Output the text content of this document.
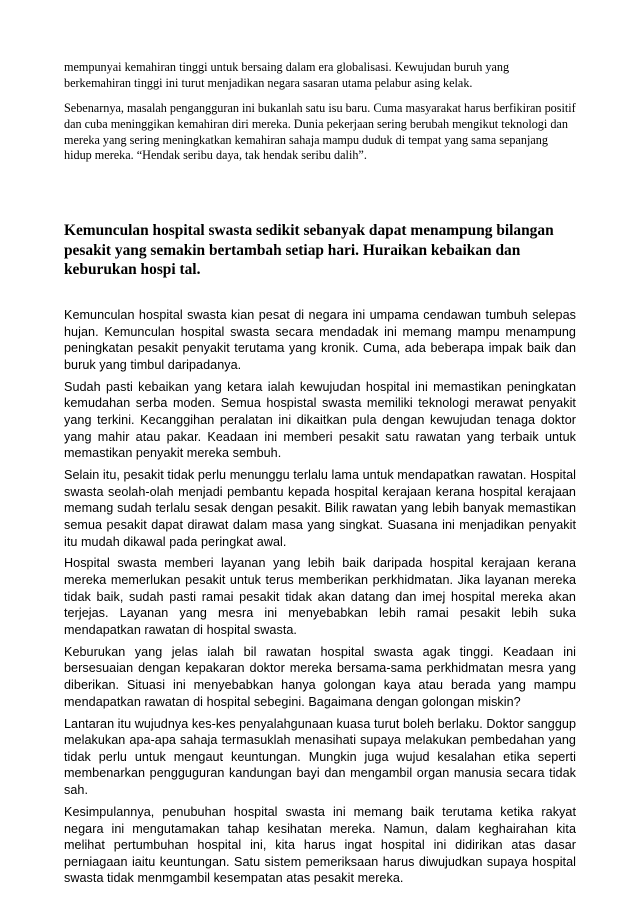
mempunyai kemahiran tinggi untuk bersaing dalam era globalisasi. Kewujudan buruh yang berkemahiran tinggi ini turut menjadikan negara sasaran utama pelabur asing kelak.

Sebenarnya, masalah pengangguran ini bukanlah satu isu baru. Cuma masyarakat harus berfikiran positif dan cuba meninggikan kemahiran diri mereka. Dunia pekerjaan sering berubah mengikut teknologi dan mereka yang sering meningkatkan kemahiran sahaja mampu duduk di tempat yang sama sepanjang hidup mereka. “Hendak seribu daya, tak hendak seribu dalih”.

Kemunculan hospital swasta sedikit sebanyak dapat menampung bilangan pesakit yang semakin bertambah setiap hari. Huraikan kebaikan dan keburukan hospi tal.

Kemunculan hospital swasta kian pesat di negara ini umpama cendawan tumbuh selepas hujan. Kemunculan hospital swasta secara mendadak ini memang mampu menampung peningkatan pesakit penyakit terutama yang kronik. Cuma, ada beberapa impak baik dan buruk yang timbul daripadanya.

Sudah pasti kebaikan yang ketara ialah kewujudan hospital ini memastikan peningkatan kemudahan serba moden. Semua hospistal swasta memiliki teknologi merawat penyakit yang terkini. Kecanggihan peralatan ini dikaitkan pula dengan kewujudan tenaga doktor yang mahir atau pakar. Keadaan ini memberi pesakit satu rawatan yang terbaik untuk memastikan penyakit mereka sembuh.

Selain itu, pesakit tidak perlu menunggu terlalu lama untuk mendapatkan rawatan. Hospital swasta seolah-olah menjadi pembantu kepada hospital kerajaan kerana hospital kerajaan memang sudah terlalu sesak dengan pesakit. Bilik rawatan yang lebih banyak memastikan semua pesakit dapat dirawat dalam masa yang singkat. Suasana ini menjadikan penyakit itu mudah dikawal pada peringkat awal.

Hospital swasta memberi layanan yang lebih baik daripada hospital kerajaan kerana mereka memerlukan pesakit untuk terus memberikan perkhidmatan. Jika layanan mereka tidak baik, sudah pasti ramai pesakit tidak akan datang dan imej hospital mereka akan terjejas. Layanan yang mesra ini menyebabkan lebih ramai pesakit lebih suka mendapatkan rawatan di hospital swasta.

Keburukan yang jelas ialah bil rawatan hospital swasta agak tinggi. Keadaan ini bersesuaian dengan kepakaran doktor mereka bersama-sama perkhidmatan mesra yang diberikan. Situasi ini menyebabkan hanya golongan kaya atau berada yang mampu mendapatkan rawatan di hospital sebegini. Bagaimana dengan golongan miskin?

Lantaran itu wujudnya kes-kes penyalahgunaan kuasa turut boleh berlaku. Doktor sanggup melakukan apa-apa sahaja termasuklah menasihati supaya melakukan pembedahan yang tidak perlu untuk mengaut keuntungan. Mungkin juga wujud kesalahan etika seperti membenarkan pengguguran kandungan bayi dan mengambil organ manusia secara tidak sah.

Kesimpulannya, penubuhan hospital swasta ini memang baik terutama ketika rakyat negara ini mengutamakan tahap kesihatan mereka. Namun, dalam keghairahan kita melihat pertumbuhan hospital ini, kita harus ingat hospital ini didirikan atas dasar perniagaan iaitu keuntungan. Satu sistem pemeriksaan harus diwujudkan supaya hospital swasta tidak menmgambil kesempatan atas pesakit mereka.
